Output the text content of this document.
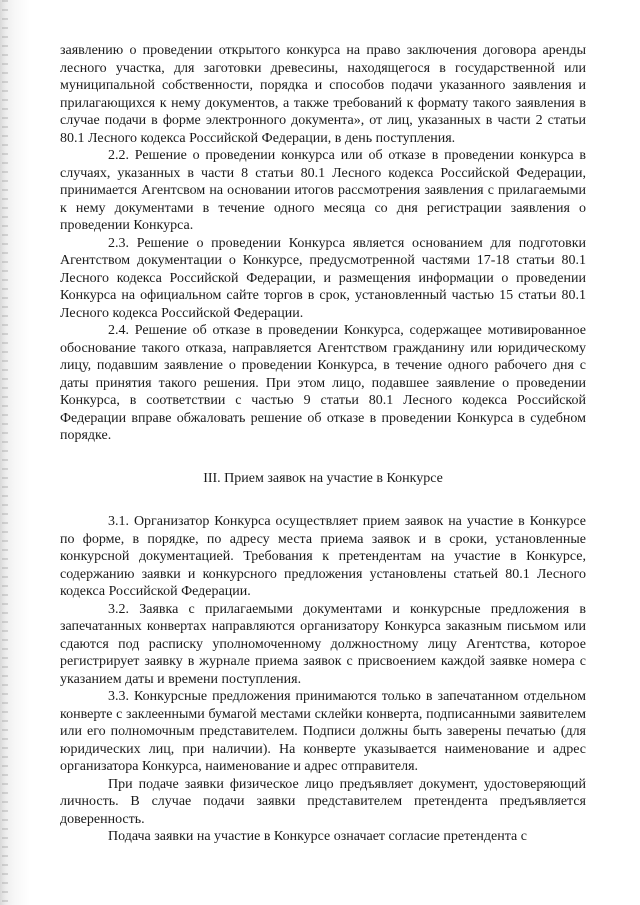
заявлению о проведении открытого конкурса на право заключения договора аренды лесного участка, для заготовки древесины, находящегося в государственной или муниципальной собственности, порядка и способов подачи указанного заявления и прилагающихся к нему документов, а также требований к формату такого заявления в случае подачи в форме электронного документа», от лиц, указанных в части 2 статьи 80.1 Лесного кодекса Российской Федерации, в день поступления.

2.2. Решение о проведении конкурса или об отказе в проведении конкурса в случаях, указанных в части 8 статьи 80.1 Лесного кодекса Российской Федерации, принимается Агентсвом на основании итогов рассмотрения заявления с прилагаемыми к нему документами в течение одного месяца со дня регистрации заявления о проведении Конкурса.

2.3. Решение о проведении Конкурса является основанием для подготовки Агентством документации о Конкурсе, предусмотренной частями 17-18 статьи 80.1 Лесного кодекса Российской Федерации, и размещения информации о проведении Конкурса на официальном сайте торгов в срок, установленный частью 15 статьи 80.1 Лесного кодекса Российской Федерации.

2.4. Решение об отказе в проведении Конкурса, содержащее мотивированное обоснование такого отказа, направляется Агентством гражданину или юридическому лицу, подавшим заявление о проведении Конкурса, в течение одного рабочего дня с даты принятия такого решения. При этом лицо, подавшее заявление о проведении Конкурса, в соответствии с частью 9 статьи 80.1 Лесного кодекса Российской Федерации вправе обжаловать решение об отказе в проведении Конкурса в судебном порядке.

III. Прием заявок на участие в Конкурсе

3.1. Организатор Конкурса осуществляет прием заявок на участие в Конкурсе по форме, в порядке, по адресу места приема заявок и в сроки, установленные конкурсной документацией. Требования к претендентам на участие в Конкурсе, содержанию заявки и конкурсного предложения установлены статьей 80.1 Лесного кодекса Российской Федерации.

3.2. Заявка с прилагаемыми документами и конкурсные предложения в запечатанных конвертах направляются организатору Конкурса заказным письмом или сдаются под расписку уполномоченному должностному лицу Агентства, которое регистрирует заявку в журнале приема заявок с присвоением каждой заявке номера с указанием даты и времени поступления.

3.3. Конкурсные предложения принимаются только в запечатанном отдельном конверте с заклеенными бумагой местами склейки конверта, подписанными заявителем или его полномочным представителем. Подписи должны быть заверены печатью (для юридических лиц, при наличии). На конверте указывается наименование и адрес организатора Конкурса, наименование и адрес отправителя.

При подаче заявки физическое лицо предъявляет документ, удостоверяющий личность. В случае подачи заявки представителем претендента предъявляется доверенность.

Подача заявки на участие в Конкурсе означает согласие претендента с
